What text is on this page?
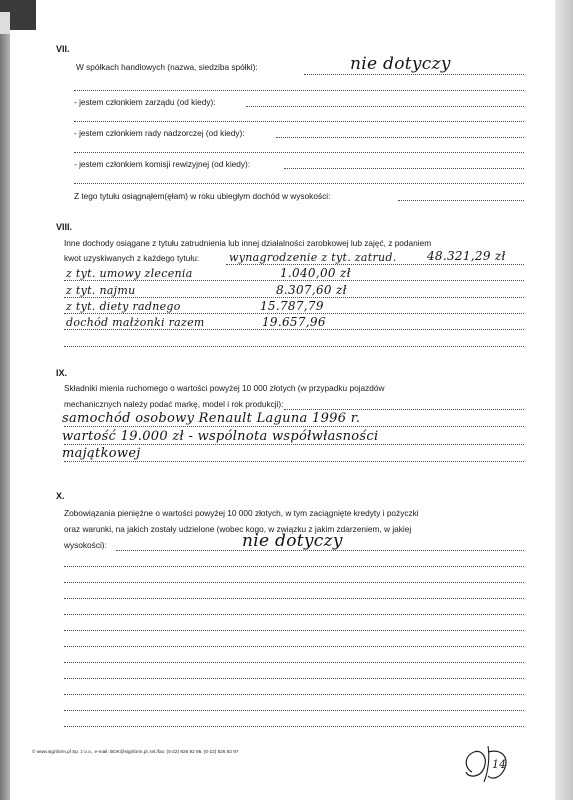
VII.
W spółkach handlowych (nazwa, siedziba spółki):	nie dotyczy
- jestem członkiem zarządu (od kiedy):
- jestem członkiem rady nadzorczej (od kiedy):
- jestem członkiem komisji rewizyjnej (od kiedy):
Z tego tytułu osiągnąłem(ęłam) w roku ubiegłym dochód w wysokości:
VIII.
Inne dochody osiągane z tytułu zatrudnienia lub innej działalności zarobkowej lub zajęć, z podaniem
kwot uzyskiwanych z każdego tytułu:	wynagrodzenie z tyt. zatrud.	48.321,29 zł
z tyt. umowy zlecenia	1.040,00 zł
z tyt. najmu	8.307,60 zł
z tyt. diety radnego	15.787,79
dochód małżonki razem	19.657,96
IX.
Składniki mienia ruchomego o wartości powyżej 10 000 złotych (w przypadku pojazdów
mechanicznych należy podać markę, model i rok produkcji):
samochód osobowy Renault Laguna 1996 r.
wartość 19.000 zł - wspólnota współwłasności
majątkowej
X.
Zobowiązania pieniężne o wartości powyżej 10 000 złotych, w tym zaciągnięte kredyty i pożyczki
oraz warunki, na jakich zostały udzielone (wobec kogo, w związku z jakim zdarzeniem, w jakiej
wysokości):	nie dotyczy
© www.signform.pl Sp. z o.o., e-mail: BOK@signform.pl, tel./fax: (0-22) 826 92 95, (0-22) 826 92 97
14
